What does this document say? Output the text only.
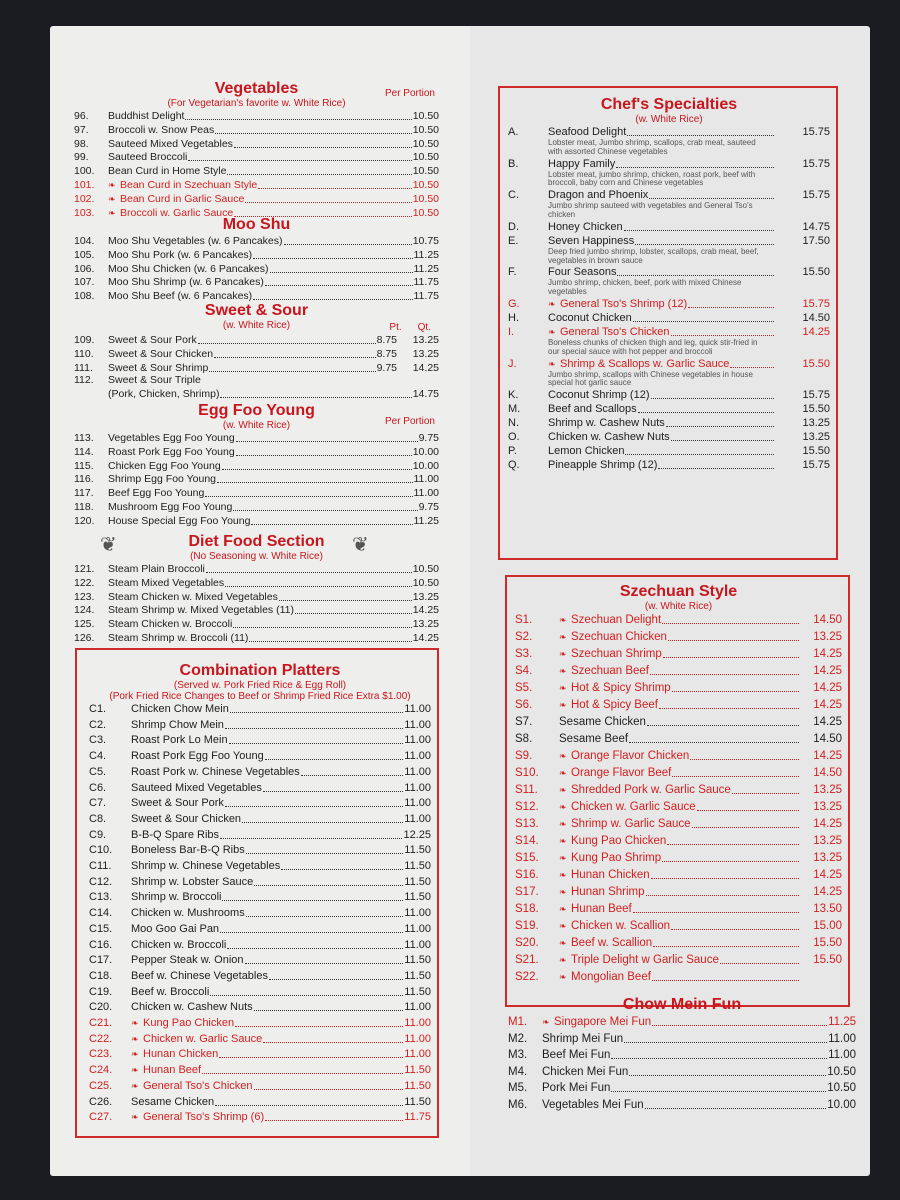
Vegetables
(For Vegetarian's favorite w. White Rice)
Per Portion
96.	Buddhist Delight	10.50
97.	Broccoli w. Snow Peas	10.50
98.	Sauteed Mixed Vegetables	10.50
99.	Sauteed Broccoli	10.50
100.	Bean Curd in Home Style	10.50
101.	❧ Bean Curd in Szechuan Style	10.50
102.	❧ Bean Curd in Garlic Sauce	10.50
103.	❧ Broccoli w. Garlic Sauce	10.50
Moo Shu
104.	Moo Shu Vegetables (w. 6 Pancakes)	10.75
105.	Moo Shu Pork (w. 6 Pancakes)	11.25
106.	Moo Shu Chicken (w. 6 Pancakes)	11.25
107.	Moo Shu Shrimp (w. 6 Pancakes)	11.75
108.	Moo Shu Beef (w. 6 Pancakes)	11.75
Sweet & Sour
(w. White Rice)	Pt. Qt.
109.	Sweet & Sour Pork	8.75	13.25
110.	Sweet & Sour Chicken	8.75	13.25
111.	Sweet & Sour Shrimp	9.75	14.25
112.	Sweet & Sour Triple
(Pork, Chicken, Shrimp)	14.75
Egg Foo Young
(w. White Rice)	Per Portion
113.	Vegetables Egg Foo Young	9.75
114.	Roast Pork Egg Foo Young	10.00
115.	Chicken Egg Foo Young	10.00
116.	Shrimp Egg Foo Young	11.00
117.	Beef Egg Foo Young	11.00
118.	Mushroom Egg Foo Young	9.75
120.	House Special Egg Foo Young	11.25
❦	❦
Diet Food Section
(No Seasoning w. White Rice)
121.	Steam Plain Broccoli	10.50
122.	Steam Mixed Vegetables	10.50
123.	Steam Chicken w. Mixed Vegetables	13.25
124.	Steam Shrimp w. Mixed Vegetables (11)	14.25
125.	Steam Chicken w. Broccoli	13.25
126.	Steam Shrimp w. Broccoli (11)	14.25
Combination Platters
(Served w. Pork Fried Rice & Egg Roll)
(Pork Fried Rice Changes to Beef or Shrimp Fried Rice Extra $1.00)
C1.	Chicken Chow Mein	11.00
C2.	Shrimp Chow Mein	11.00
C3.	Roast Pork Lo Mein	11.00
C4.	Roast Pork Egg Foo Young	11.00
C5.	Roast Pork w. Chinese Vegetables	11.00
C6.	Sauteed Mixed Vegetables	11.00
C7.	Sweet & Sour Pork	11.00
C8.	Sweet & Sour Chicken	11.00
C9.	B-B-Q Spare Ribs	12.25
C10.	Boneless Bar-B-Q Ribs	11.50
C11.	Shrimp w. Chinese Vegetables	11.50
C12.	Shrimp w. Lobster Sauce	11.50
C13.	Shrimp w. Broccoli	11.50
C14.	Chicken w. Mushrooms	11.00
C15.	Moo Goo Gai Pan	11.00
C16.	Chicken w. Broccoli	11.00
C17.	Pepper Steak w. Onion	11.50
C18.	Beef w. Chinese Vegetables	11.50
C19.	Beef w. Broccoli	11.50
C20.	Chicken w. Cashew Nuts	11.00
C21.	❧ Kung Pao Chicken	11.00
C22.	❧ Chicken w. Garlic Sauce	11.00
C23.	❧ Hunan Chicken	11.00
C24.	❧ Hunan Beef	11.50
C25.	❧ General Tso's Chicken	11.50
C26.	Sesame Chicken	11.50
C27.	❧ General Tso's Shrimp (6)	11.75
Chef's Specialties
(w. White Rice)
A.	Seafood Delight	15.75
Lobster meat, Jumbo shrimp, scallops, crab meat, sauteed with assorted Chinese vegetables
B.	Happy Family	15.75
Lobster meat, jumbo shrimp, chicken, roast pork, beef with broccoli, baby corn and Chinese vegetables
C.	Dragon and Phoenix	15.75
Jumbo shrimp sauteed with vegetables and General Tso's chicken
D.	Honey Chicken	14.75
E.	Seven Happiness	17.50
Deep fried jumbo shrimp, lobster, scallops, crab meat, beef, vegetables in brown sauce
F.	Four Seasons	15.50
Jumbo shrimp, chicken, beef, pork with mixed Chinese vegetables
G.	❧ General Tso's Shrimp (12)	15.75
H.	Coconut Chicken	14.50
I.	❧ General Tso's Chicken	14.25
Boneless chunks of chicken thigh and leg, quick stir-fried in our special sauce with hot pepper and broccoli
J.	❧ Shrimp & Scallops w. Garlic Sauce	15.50
Jumbo shrimp, scallops with Chinese vegetables in house special hot garlic sauce
K.	Coconut Shrimp (12)	15.75
M.	Beef and Scallops	15.50
N.	Shrimp w. Cashew Nuts	13.25
O.	Chicken w. Cashew Nuts	13.25
P.	Lemon Chicken	15.50
Q.	Pineapple Shrimp (12)	15.75
Szechuan Style
(w. White Rice)
S1.	❧ Szechuan Delight	14.50
S2.	❧ Szechuan Chicken	13.25
S3.	❧ Szechuan Shrimp	14.25
S4.	❧ Szechuan Beef	14.25
S5.	❧ Hot & Spicy Shrimp	14.25
S6.	❧ Hot & Spicy Beef	14.25
S7.	Sesame Chicken	14.25
S8.	Sesame Beef	14.50
S9.	❧ Orange Flavor Chicken	14.25
S10.	❧ Orange Flavor Beef	14.50
S11.	❧ Shredded Pork w. Garlic Sauce	13.25
S12.	❧ Chicken w. Garlic Sauce	13.25
S13.	❧ Shrimp w. Garlic Sauce	14.25
S14.	❧ Kung Pao Chicken	13.25
S15.	❧ Kung Pao Shrimp	13.25
S16.	❧ Hunan Chicken	14.25
S17.	❧ Hunan Shrimp	14.25
S18.	❧ Hunan Beef	13.50
S19.	❧ Chicken w. Scallion	15.00
S20.	❧ Beef w. Scallion	15.50
S21.	❧ Triple Delight w Garlic Sauce	15.50
S22.	❧ Mongolian Beef
Chow Mein Fun
M1.	❧ Singapore Mei Fun	11.25
M2.	Shrimp Mei Fun	11.00
M3.	Beef Mei Fun	11.00
M4.	Chicken Mei Fun	10.50
M5.	Pork Mei Fun	10.50
M6.	Vegetables Mei Fun	10.00
